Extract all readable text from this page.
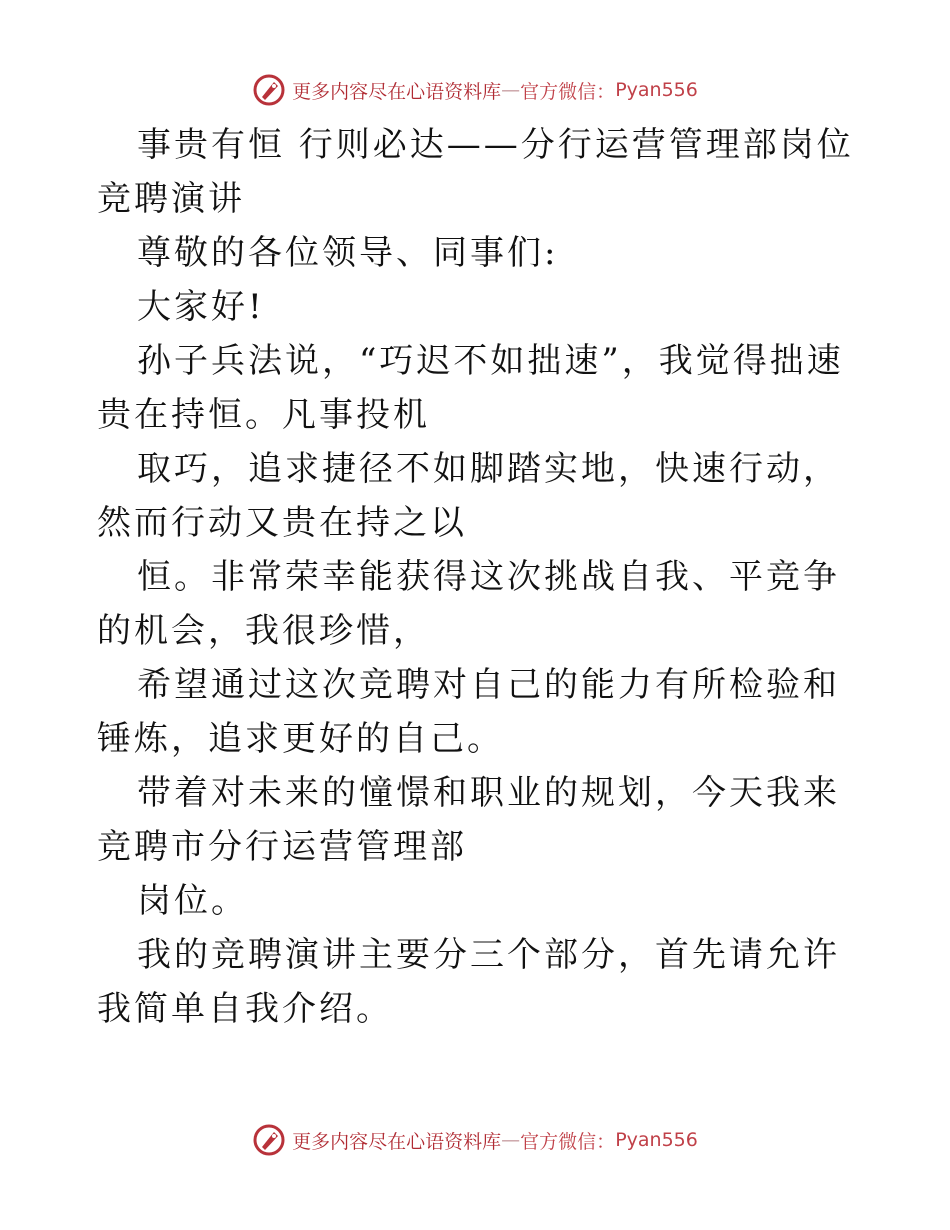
更多内容尽在心语资料库 — 官方微信： Pyan556

事贵有恒 行则必达——分行运营管理部岗位竞聘演讲

尊敬的各位领导、同事们:

大家好!

孙子兵法说，“巧迟不如拙速”，我觉得拙速贵在持恒。凡事投机

取巧，追求捷径不如脚踏实地，快速行动，然而行动又贵在持之以

恒。非常荣幸能获得这次挑战自我、平竞争的机会，我很珍惜，

希望通过这次竞聘对自己的能力有所检验和锤炼，追求更好的自己。

带着对未来的憧憬和职业的规划，今天我来竞聘市分行运营管理部

岗位。

我的竞聘演讲主要分三个部分，首先请允许我简单自我介绍。

更多内容尽在心语资料库 — 官方微信： Pyan556
